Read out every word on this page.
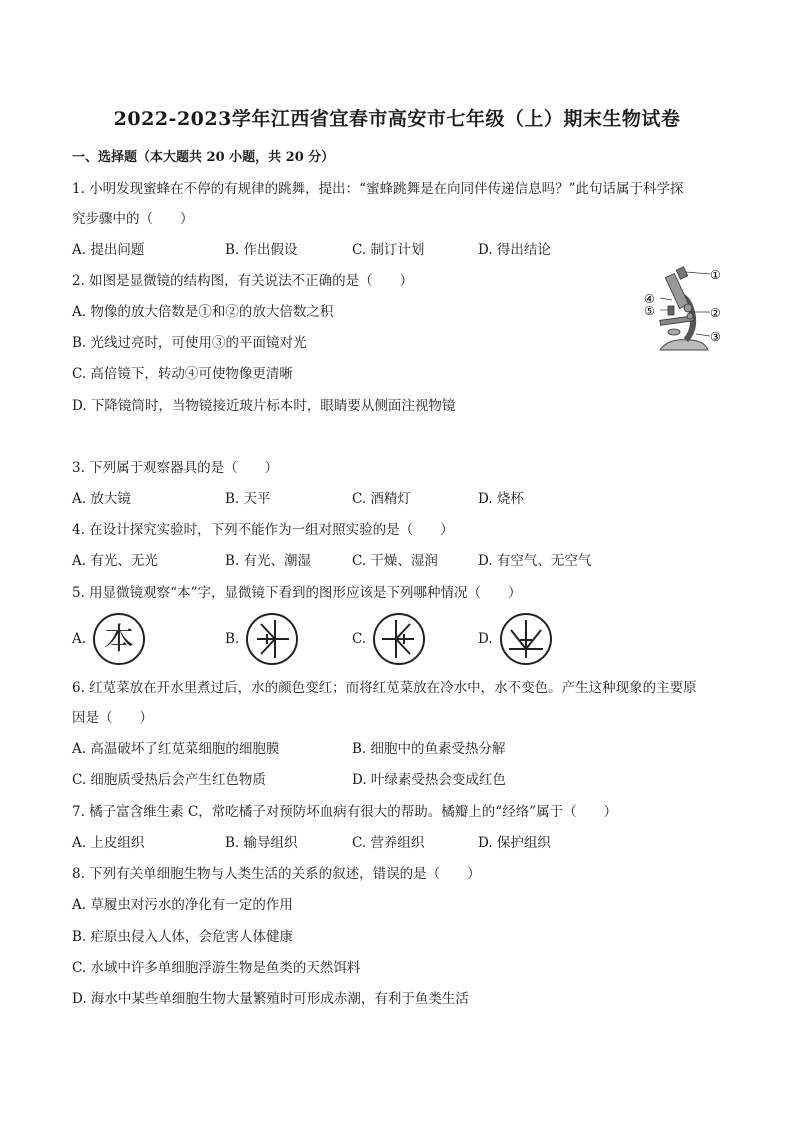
2022-2023学年江西省宜春市高安市七年级（上）期末生物试卷
一、选择题（本大题共 20 小题，共 20 分）
1. 小明发现蜜蜂在不停的有规律的跳舞，提出：“蜜蜂跳舞是在向同伴传递信息吗？”此句话属于科学探
究步骤中的（　　）
A. 提出问题	B. 作出假设	C. 制订计划	D. 得出结论
2. 如图是显微镜的结构图，有关说法不正确的是（　　）
A. 物像的放大倍数是①和②的放大倍数之积
B. 光线过亮时，可使用③的平面镜对光
C. 高倍镜下，转动④可使物像更清晰
D. 下降镜筒时，当物镜接近玻片标本时，眼睛要从侧面注视物镜
①
②
③
④
⑤
3. 下列属于观察器具的是（　　）
A. 放大镜	B. 天平	C. 酒精灯	D. 烧杯
4. 在设计探究实验时，下列不能作为一组对照实验的是（　　）
A. 有光、无光	B. 有光、潮湿	C. 干燥、湿润	D. 有空气、无空气
5. 用显微镜观察“本”字，显微镜下看到的图形应该是下列哪种情况（　　）
A. 本	B.	C.	D.
6. 红苋菜放在开水里煮过后，水的颜色变红；而将红苋菜放在冷水中，水不变色。产生这种现象的主要原
因是（　　）
A. 高温破坏了红苋菜细胞的细胞膜	B. 细胞中的鱼素受热分解
C. 细胞质受热后会产生红色物质	D. 叶绿素受热会变成红色
7. 橘子富含维生素 C，常吃橘子对预防坏血病有很大的帮助。橘瓣上的“经络”属于（　　）
A. 上皮组织	B. 输导组织	C. 营养组织	D. 保护组织
8. 下列有关单细胞生物与人类生活的关系的叙述，错误的是（　　）
A. 草履虫对污水的净化有一定的作用
B. 疟原虫侵入人体，会危害人体健康
C. 水域中许多单细胞浮游生物是鱼类的天然饵料
D. 海水中某些单细胞生物大量繁殖时可形成赤潮，有利于鱼类生活
